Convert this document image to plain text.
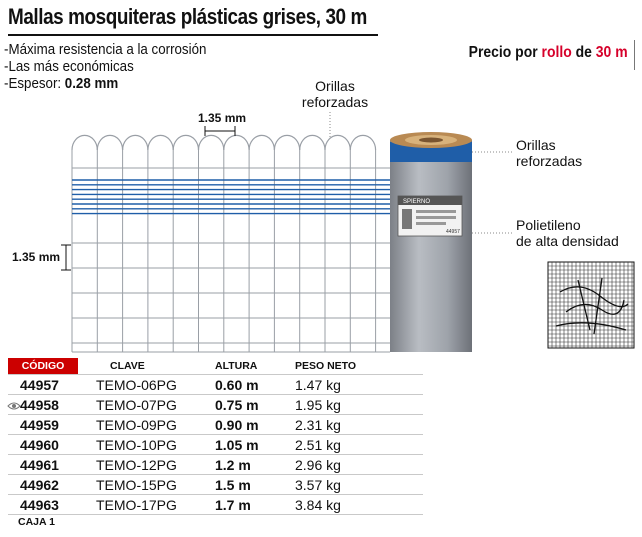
Mallas mosquiteras plásticas grises, 30 m
-Máxima resistencia a la corrosión
-Las más económicas
-Espesor: 0.28 mm
Precio por rollo de 30 m
SPIERNO
44957
1.35 mm
1.35 mm
Orillas
reforzadas
Orillas
reforzadas
Polietileno
de alta densidad
CÓDIGO	CLAVE	ALTURA	PESO NETO
44957	TEMO-06PG	0.60 m	1.47 kg

44958	TEMO-07PG	0.75 m	1.95 kg
44959	TEMO-09PG	0.90 m	2.31 kg
44960	TEMO-10PG	1.05 m	2.51 kg
44961	TEMO-12PG	1.2 m	2.96 kg
44962	TEMO-15PG	1.5 m	3.57 kg
44963	TEMO-17PG	1.7 m	3.84 kg
CAJA 1
